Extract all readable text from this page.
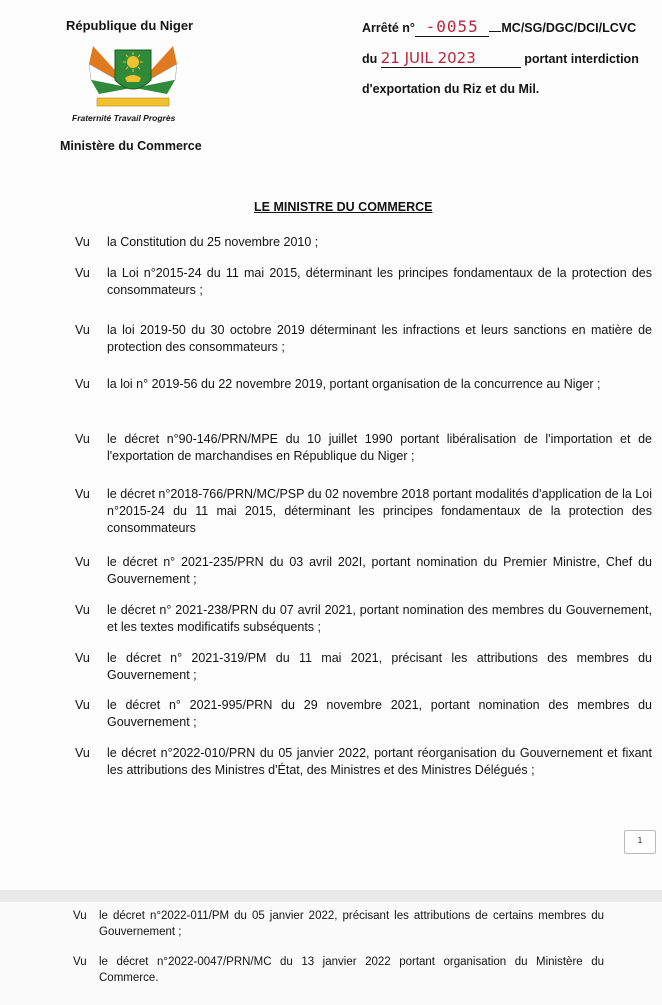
République du Niger
Fraternité Travail Progrès
Ministère du Commerce
Arrêté n° -0055 MC/SG/DGC/DCI/LCVC
du 21 JUIL 2023	portant interdiction
d'exportation du Riz et du Mil.
LE MINISTRE DU COMMERCE
Vu la Constitution du 25 novembre 2010 ;
Vu la Loi n°2015-24 du 11 mai 2015, déterminant les principes fondamentaux de la protection des consommateurs ;
Vu la loi 2019-50 du 30 octobre 2019 déterminant les infractions et leurs sanctions en matière de protection des consommateurs ;
Vu la loi n° 2019-56 du 22 novembre 2019, portant organisation de la concurrence au Niger ;
Vu le décret n°90-146/PRN/MPE du 10 juillet 1990 portant libéralisation de l'importation et de l'exportation de marchandises en République du Niger ;
Vu le décret n°2018-766/PRN/MC/PSP du 02 novembre 2018 portant modalités d'application de la Loi n°2015-24 du 11 mai 2015, déterminant les principes fondamentaux de la protection des consommateurs
Vu le décret n° 2021-235/PRN du 03 avril 202I, portant nomination du Premier Ministre, Chef du Gouvernement ;
Vu le décret n° 2021-238/PRN du 07 avril 2021, portant nomination des membres du Gouvernement, et les textes modificatifs subséquents ;
Vu le décret n° 2021-319/PM du 11 mai 2021, précisant les attributions des membres du Gouvernement ;
Vu le décret n° 2021-995/PRN du 29 novembre 2021, portant nomination des membres du Gouvernement ;
Vu le décret n°2022-010/PRN du 05 janvier 2022, portant réorganisation du Gouvernement et fixant les attributions des Ministres d'État, des Ministres et des Ministres Délégués ;
1
Vu le décret n°2022-011/PM du 05 janvier 2022, précisant les attributions de certains membres du Gouvernement ;
Vu le décret n°2022-0047/PRN/MC du 13 janvier 2022 portant organisation du Ministère du Commerce.
